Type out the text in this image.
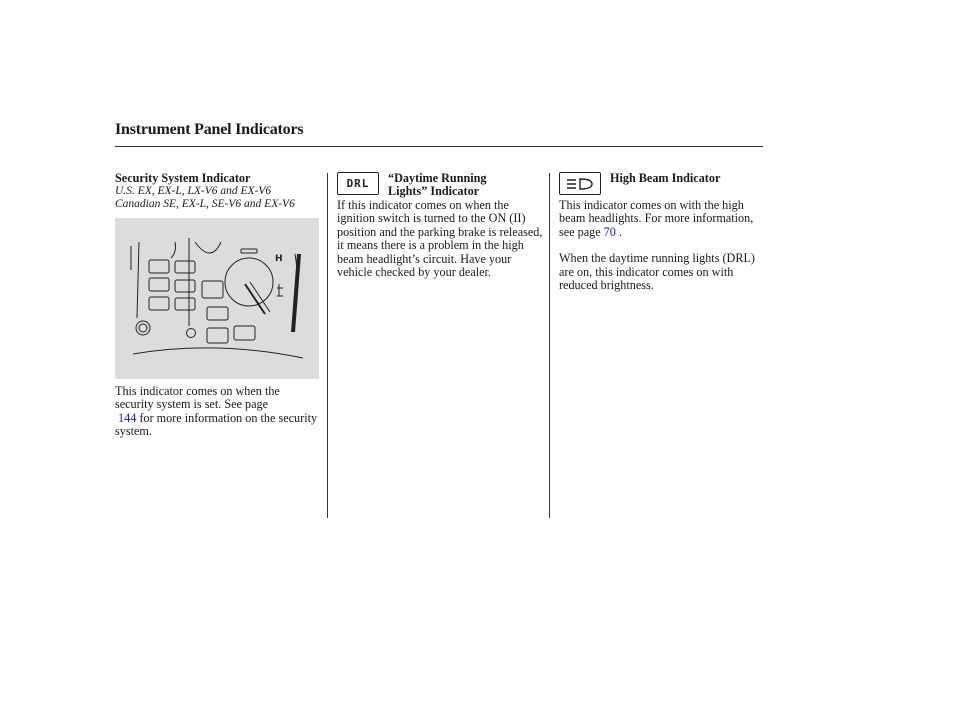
Instrument Panel Indicators

Security System Indicator

U.S. EX, EX-L, LX-V6 and EX-V6

Canadian SE, EX-L, SE-V6 and EX-V6

H

This indicator comes on when the security system is set. See page
144 for more information on the security system.

DRL “Daytime Running

Lights” Indicator

If this indicator comes on when the ignition switch is turned to the ON (II) position and the parking brake is released, it means there is a problem in the high beam headlight’s circuit. Have your vehicle checked by your dealer.

High Beam Indicator

This indicator comes on with the high beam headlights. For more information, see page 70 .

When the daytime running lights (DRL) are on, this indicator comes on with reduced brightness.
